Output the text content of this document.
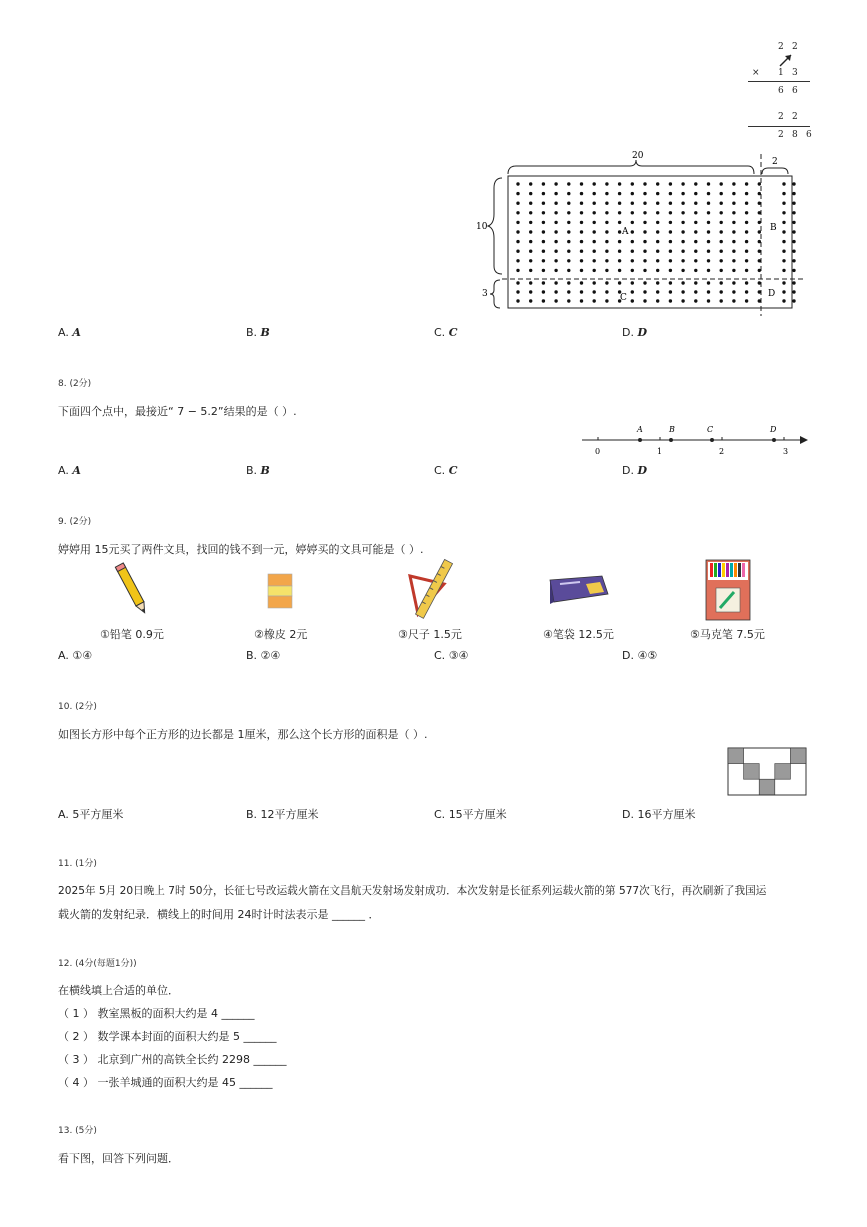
2 2
× 1 3
6 6
2 2
2 8 6
20
2
10
3
A	B
C	D
A. A	B. B	C. C	D. D
8. (2分)
下面四个点中，最接近“ 7 − 5.2”结果的是（ ）.
0	1	2	3
A	B	C	D
A. A	B. B	C. C	D. D
9. (2分)
婷婷用 15元买了两件文具，找回的钱不到一元，婷婷买的文具可能是（ ）.
①铅笔 0.9元	②橡皮 2元	③尺子 1.5元	④笔袋 12.5元	⑤马克笔 7.5元
A. ①④	B. ②④	C. ③④	D. ④⑤
10. (2分)
如图长方形中每个正方形的边长都是 1厘米，那么这个长方形的面积是（ ）.
A. 5平方厘米	B. 12平方厘米	C. 15平方厘米	D. 16平方厘米
11. (1分)
2025年 5月 20日晚上 7时 50分，长征七号改运载火箭在文昌航天发射场发射成功．本次发射是长征系列运载火箭的第 577次飞行，再次刷新了我国运
载火箭的发射纪录．横线上的时间用 24时计时法表示是 ______ ．
12. (4分(每题1分))
在横线填上合适的单位．
（ 1 ） 教室黑板的面积大约是 4 ______
（ 2 ） 数学课本封面的面积大约是 5 ______
（ 3 ） 北京到广州的高铁全长约 2298 ______
（ 4 ） 一张羊城通的面积大约是 45 ______
13. (5分)
看下图，回答下列问题．
